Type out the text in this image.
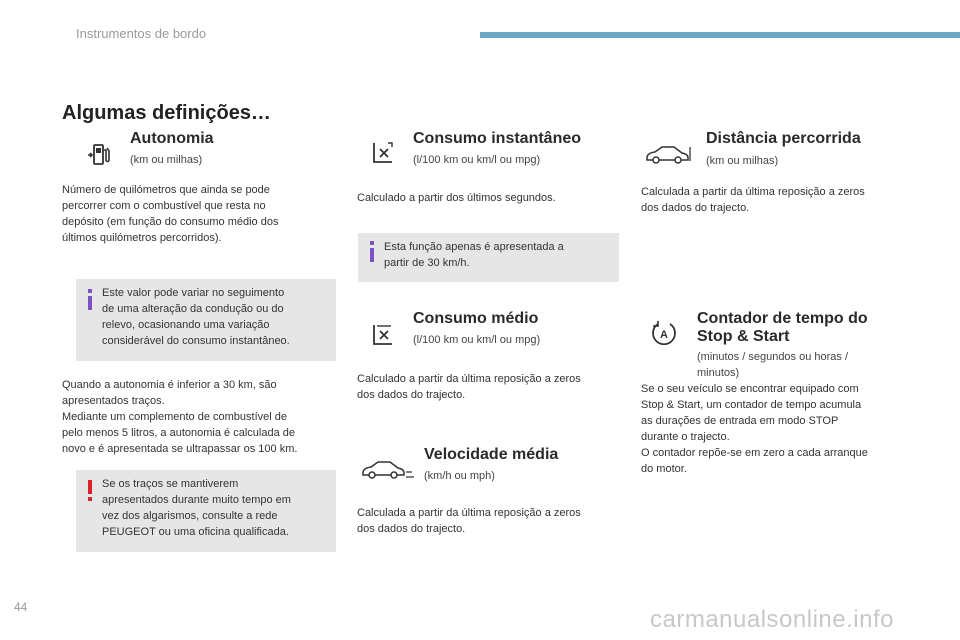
Instrumentos de bordo
Algumas definições…
Autonomia
(km ou milhas)
Número de quilómetros que ainda se pode
percorrer com o combustível que resta no
depósito (em função do consumo médio dos
últimos quilómetros percorridos).
Este valor pode variar no seguimento
de uma alteração da condução ou do
relevo, ocasionando uma variação
considerável do consumo instantâneo.
Quando a autonomia é inferior a 30 km, são
apresentados traços.
Mediante um complemento de combustível de
pelo menos 5 litros, a autonomia é calculada de
novo e é apresentada se ultrapassar os 100 km.
Se os traços se mantiverem
apresentados durante muito tempo em
vez dos algarismos, consulte a rede
PEUGEOT ou uma oficina qualificada.
Consumo instantâneo
(l/100 km ou km/l ou mpg)
Calculado a partir dos últimos segundos.
Esta função apenas é apresentada a
partir de 30 km/h.
Consumo médio
(l/100 km ou km/l ou mpg)
Calculado a partir da última reposição a zeros
dos dados do trajecto.
Velocidade média
(km/h ou mph)
Calculada a partir da última reposição a zeros
dos dados do trajecto.
Distância percorrida
(km ou milhas)
Calculada a partir da última reposição a zeros
dos dados do trajecto.
A
Contador de tempo do
Stop & Start
(minutos / segundos ou horas /
minutos)
Se o seu veículo se encontrar equipado com
Stop & Start, um contador de tempo acumula
as durações de entrada em modo STOP
durante o trajecto.
O contador repõe-se em zero a cada arranque
do motor.
44	carmanualsonline.info
